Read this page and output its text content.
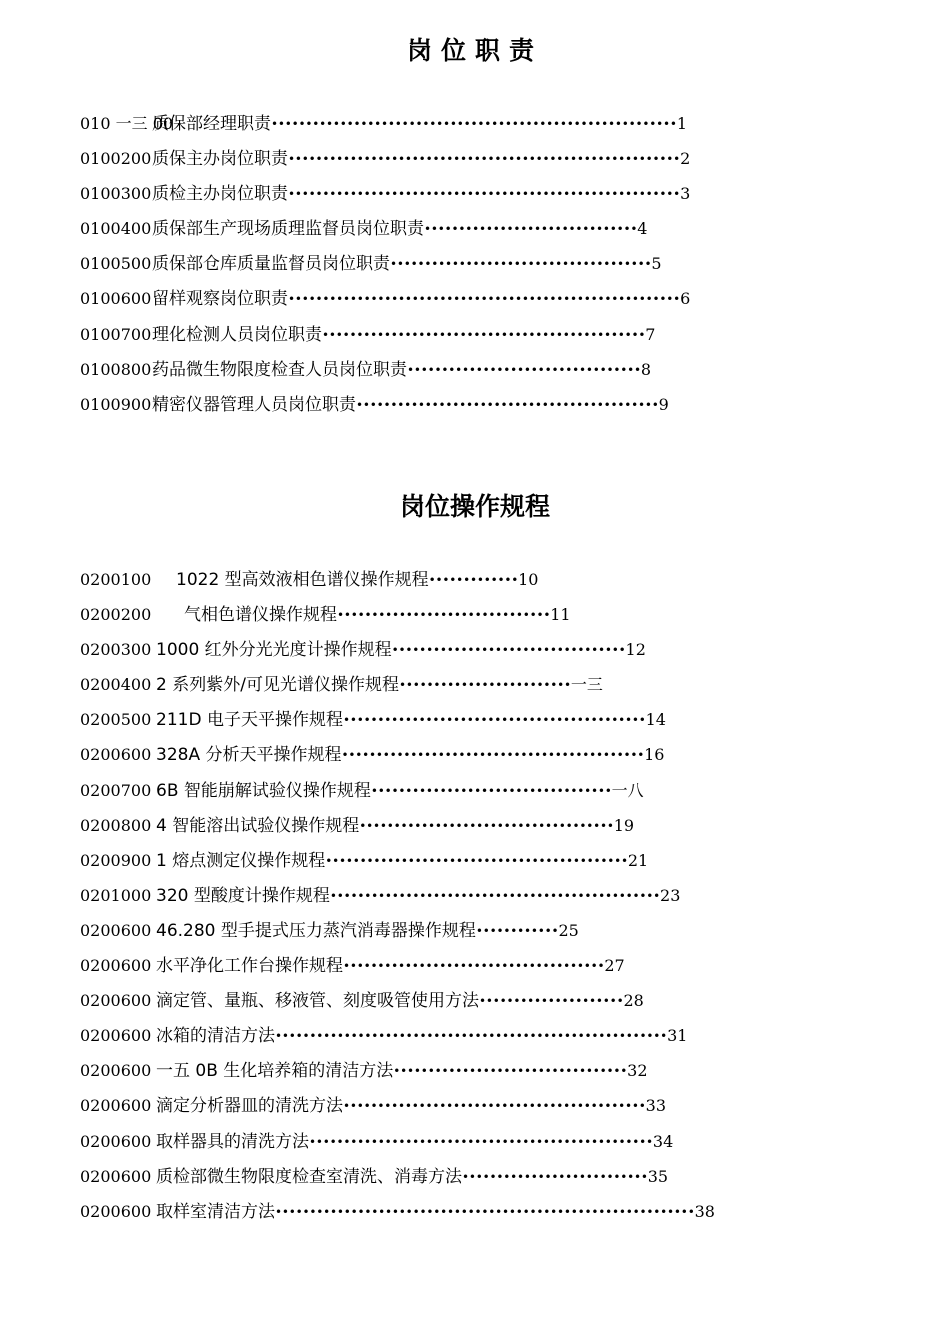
岗位职责
010 一三 00质保部经理职责•••••••••••••••••••••••••••••••••••••••••••••••••••••••••••1
0100200质保主办岗位职责•••••••••••••••••••••••••••••••••••••••••••••••••••••••••2
0100300质检主办岗位职责•••••••••••••••••••••••••••••••••••••••••••••••••••••••••3
0100400质保部生产现场质理监督员岗位职责•••••••••••••••••••••••••••••••4
0100500质保部仓库质量监督员岗位职责••••••••••••••••••••••••••••••••••••••5
0100600留样观察岗位职责•••••••••••••••••••••••••••••••••••••••••••••••••••••••••6
0100700理化检测人员岗位职责•••••••••••••••••••••••••••••••••••••••••••••••7
0100800药品微生物限度检查人员岗位职责••••••••••••••••••••••••••••••••••8
0100900精密仪器管理人员岗位职责••••••••••••••••••••••••••••••••••••••••••••9
岗位操作规程
0200100 1022 型高效液相色谱仪操作规程•••••••••••••10
0200200 气相色谱仪操作规程•••••••••••••••••••••••••••••••11
0200300 1000 红外分光光度计操作规程••••••••••••••••••••••••••••••••••12
0200400 2 系列紫外/可见光谱仪操作规程•••••••••••••••••••••••••一三
0200500 211D 电子天平操作规程••••••••••••••••••••••••••••••••••••••••••••14
0200600 328A 分析天平操作规程••••••••••••••••••••••••••••••••••••••••••••16
0200700 6B 智能崩解试验仪操作规程•••••••••••••••••••••••••••••••••••一八
0200800 4 智能溶出试验仪操作规程•••••••••••••••••••••••••••••••••••••19
0200900 1 熔点测定仪操作规程••••••••••••••••••••••••••••••••••••••••••••21
0201000 320 型酸度计操作规程••••••••••••••••••••••••••••••••••••••••••••••••23
0200600 46.280 型手提式压力蒸汽消毒器操作规程••••••••••••25
0200600 水平净化工作台操作规程••••••••••••••••••••••••••••••••••••••27
0200600 滴定管、量瓶、移液管、刻度吸管使用方法•••••••••••••••••••••28
0200600 冰箱的清洁方法•••••••••••••••••••••••••••••••••••••••••••••••••••••••••31
0200600 一五 0B 生化培养箱的清洁方法••••••••••••••••••••••••••••••••••32
0200600 滴定分析器皿的清洗方法••••••••••••••••••••••••••••••••••••••••••••33
0200600 取样器具的清洗方法••••••••••••••••••••••••••••••••••••••••••••••••••34
0200600 质检部微生物限度检查室清洗、消毒方法•••••••••••••••••••••••••••35
0200600 取样室清洁方法•••••••••••••••••••••••••••••••••••••••••••••••••••••••••••••38
